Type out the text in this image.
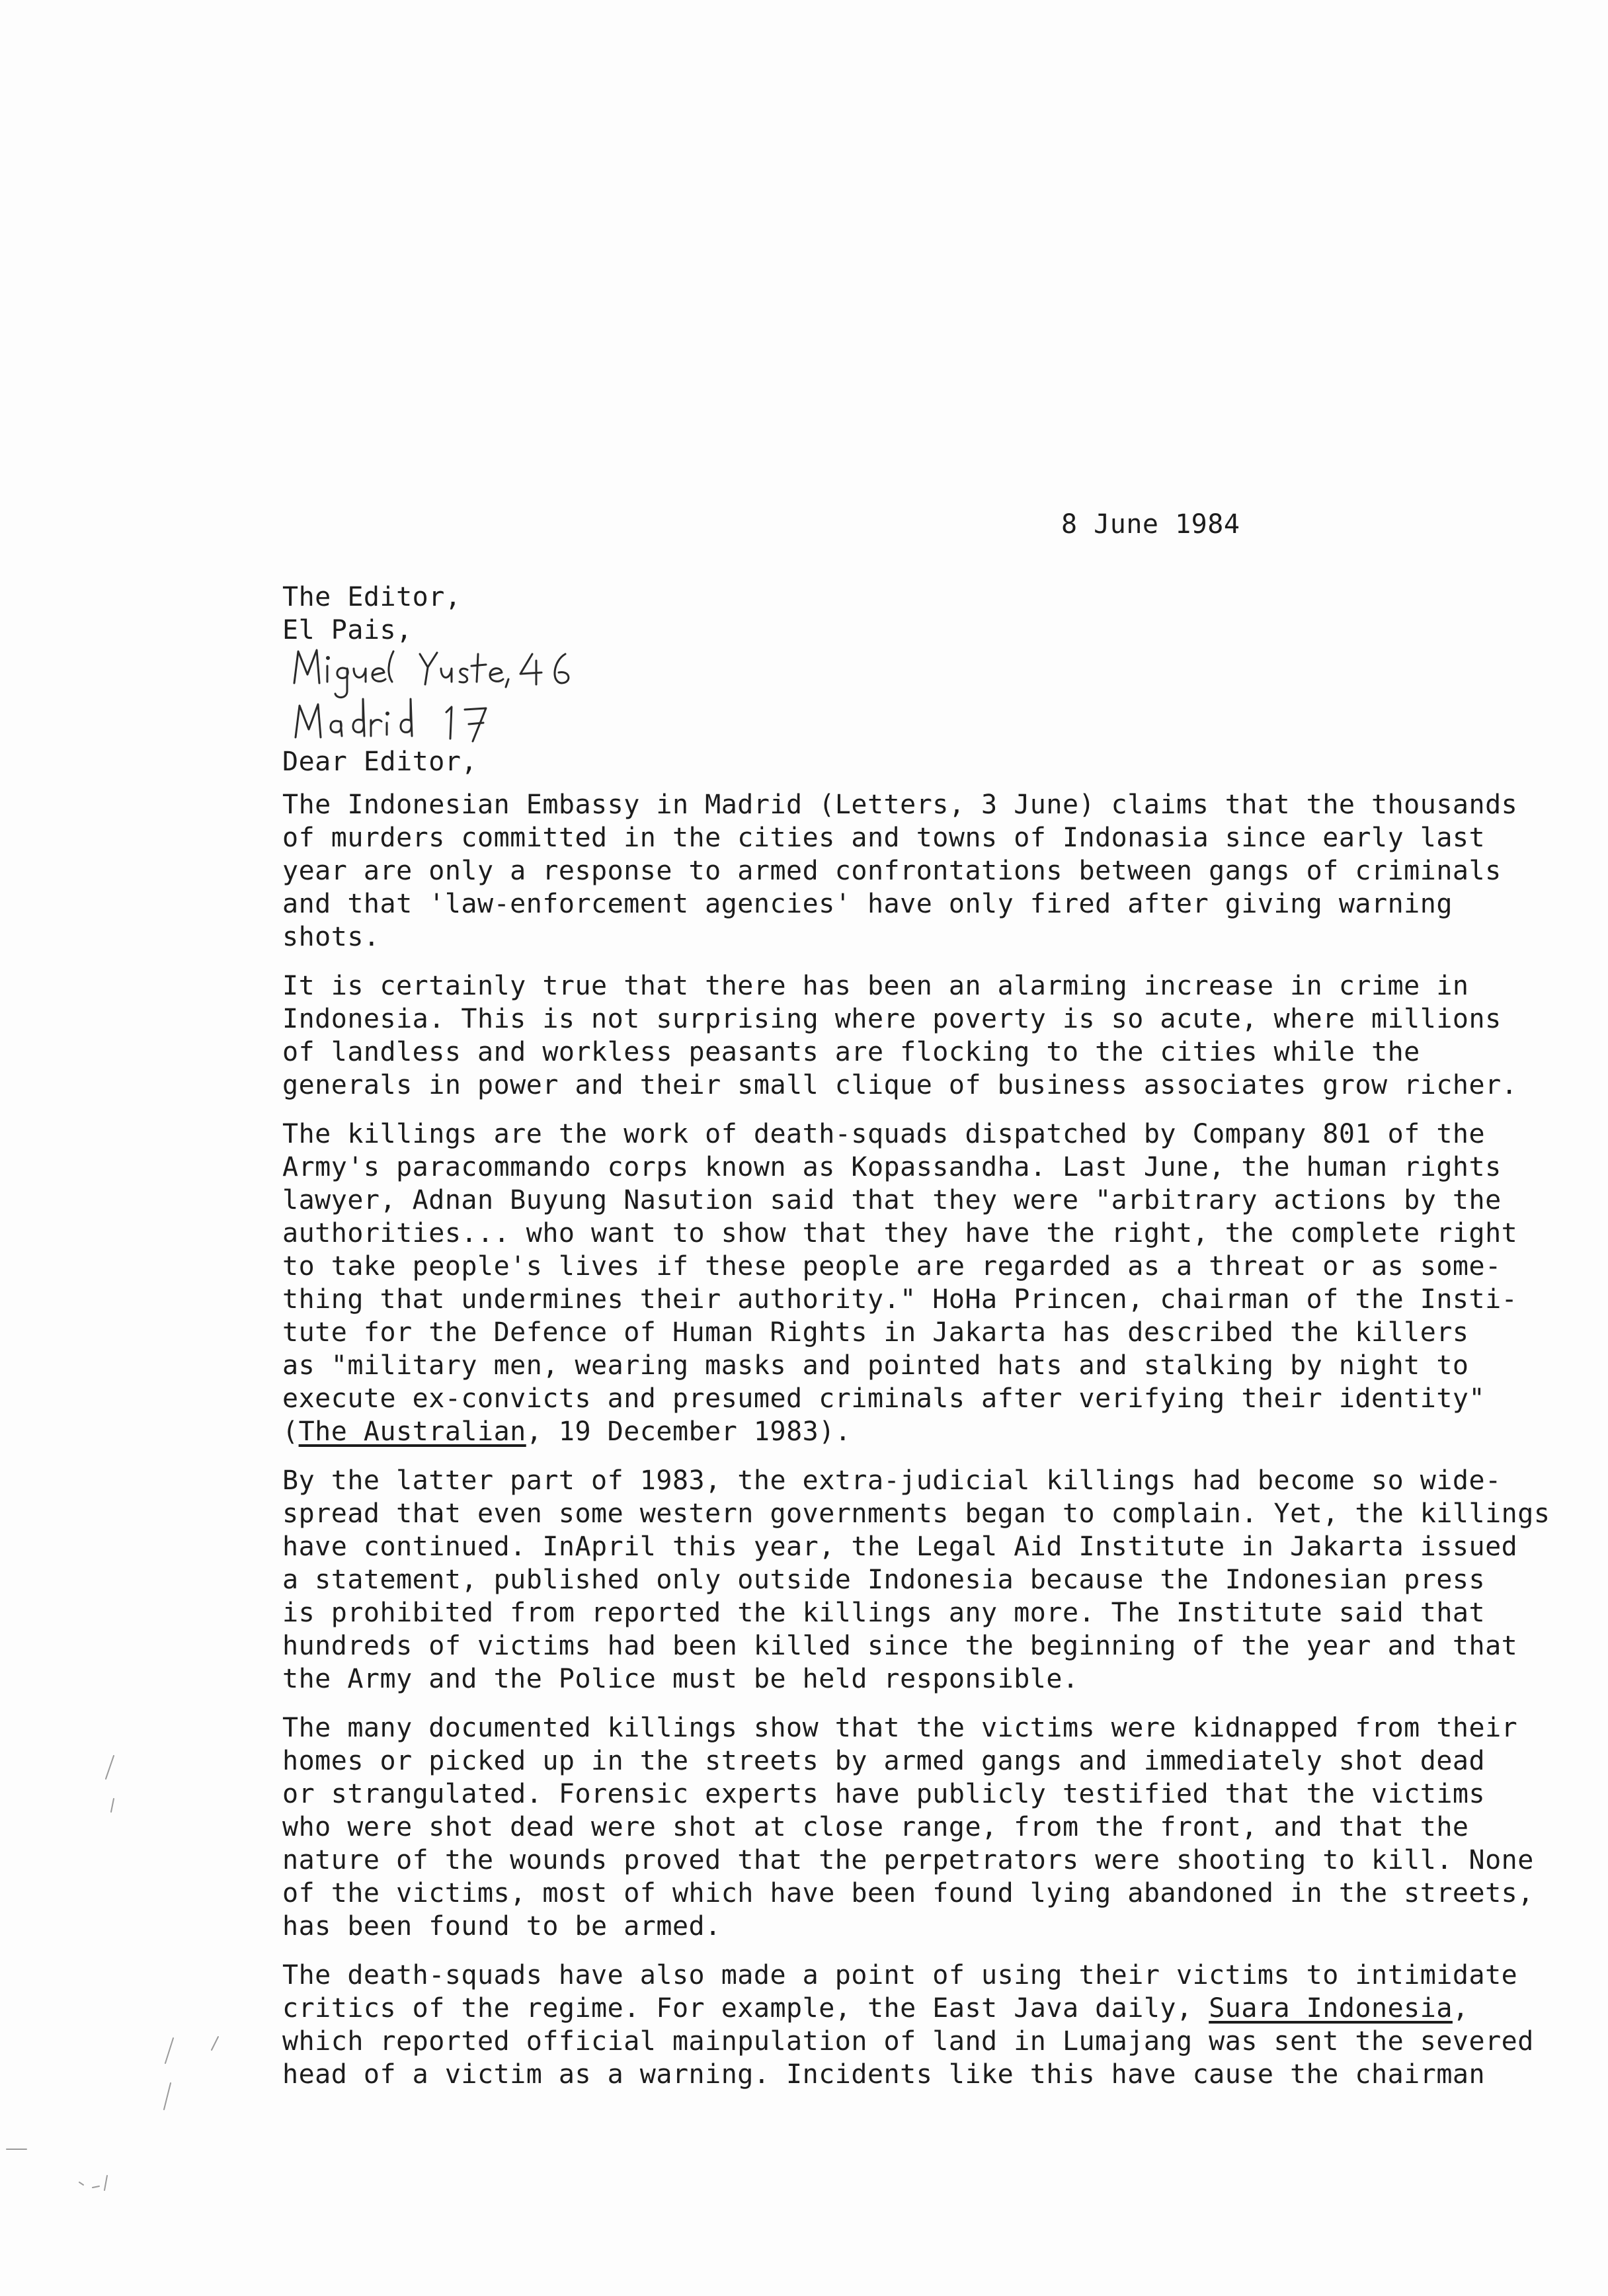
8 June 1984

The Editor,
El Pais,

Dear Editor,

The Indonesian Embassy in Madrid (Letters, 3 June) claims that the thousands
of murders committed in the cities and towns of Indonasia since early last
year are only a response to armed confrontations between gangs of criminals
and that 'law-enforcement agencies' have only fired after giving warning
shots.
It is certainly true that there has been an alarming increase in crime in
Indonesia. This is not surprising where poverty is so acute, where millions
of landless and workless peasants are flocking to the cities while the
generals in power and their small clique of business associates grow richer.
The killings are the work of death-squads dispatched by Company 801 of the
Army's paracommando corps known as Kopassandha. Last June, the human rights
lawyer, Adnan Buyung Nasution said that they were "arbitrary actions by the
authorities... who want to show that they have the right, the complete right
to take people's lives if these people are regarded as a threat or as some-
thing that undermines their authority." HoHa Princen, chairman of the Insti-
tute for the Defence of Human Rights in Jakarta has described the killers
as "military men, wearing masks and pointed hats and stalking by night to
execute ex-convicts and presumed criminals after verifying their identity"
(The Australian, 19 December 1983).
By the latter part of 1983, the extra-judicial killings had become so wide-
spread that even some western governments began to complain. Yet, the killings
have continued. InApril this year, the Legal Aid Institute in Jakarta issued
a statement, published only outside Indonesia because the Indonesian press
is prohibited from reported the killings any more. The Institute said that
hundreds of victims had been killed since the beginning of the year and that
the Army and the Police must be held responsible.
The many documented killings show that the victims were kidnapped from their
homes or picked up in the streets by armed gangs and immediately shot dead
or strangulated. Forensic experts have publicly testified that the victims
who were shot dead were shot at close range, from the front, and that the
nature of the wounds proved that the perpetrators were shooting to kill. None
of the victims, most of which have been found lying abandoned in the streets,
has been found to be armed.
The death-squads have also made a point of using their victims to intimidate
critics of the regime. For example, the East Java daily, Suara Indonesia,
which reported official mainpulation of land in Lumajang was sent the severed
head of a victim as a warning. Incidents like this have cause the chairman
